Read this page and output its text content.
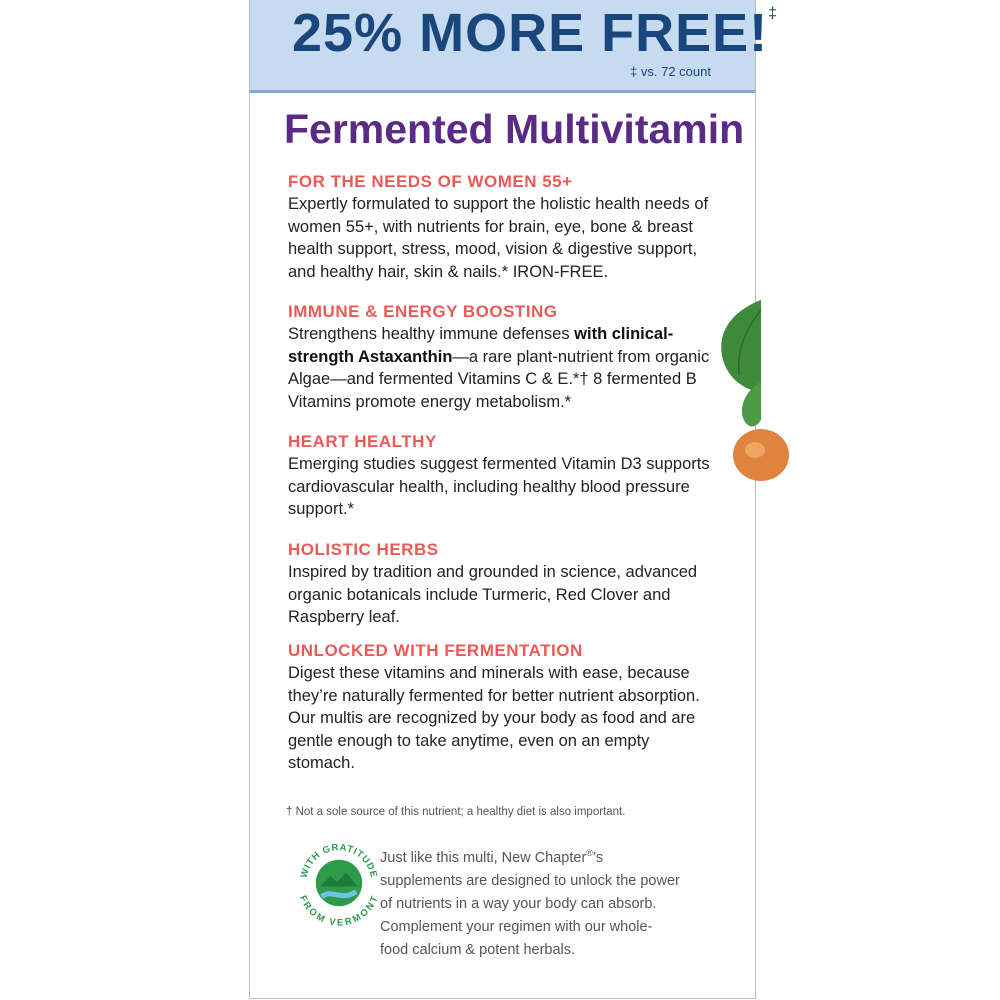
25% MORE FREE!‡
‡ vs. 72 count
Fermented Multivitamin
FOR THE NEEDS OF WOMEN 55+
Expertly formulated to support the holistic health needs of women 55+, with nutrients for brain, eye, bone & breast health support, stress, mood, vision & digestive support, and healthy hair, skin & nails.* IRON-FREE.
IMMUNE & ENERGY BOOSTING
Strengthens healthy immune defenses with clinical-strength Astaxanthin—a rare plant-nutrient from organic Algae—and fermented Vitamins C & E.*† 8 fermented B Vitamins promote energy metabolism.*
HEART HEALTHY
Emerging studies suggest fermented Vitamin D3 supports cardiovascular health, including healthy blood pressure support.*
HOLISTIC HERBS
Inspired by tradition and grounded in science, advanced organic botanicals include Turmeric, Red Clover and Raspberry leaf.
UNLOCKED WITH FERMENTATION
Digest these vitamins and minerals with ease, because they’re naturally fermented for better nutrient absorption. Our multis are recognized by your body as food and are gentle enough to take anytime, even on an empty stomach.
† Not a sole source of this nutrient; a healthy diet is also important.
WITH GRATITUDE
FROM VERMONT
Just like this multi, New Chapter®’s supplements are designed to unlock the power of nutrients in a way your body can absorb. Complement your regimen with our whole-food calcium & potent herbals.
